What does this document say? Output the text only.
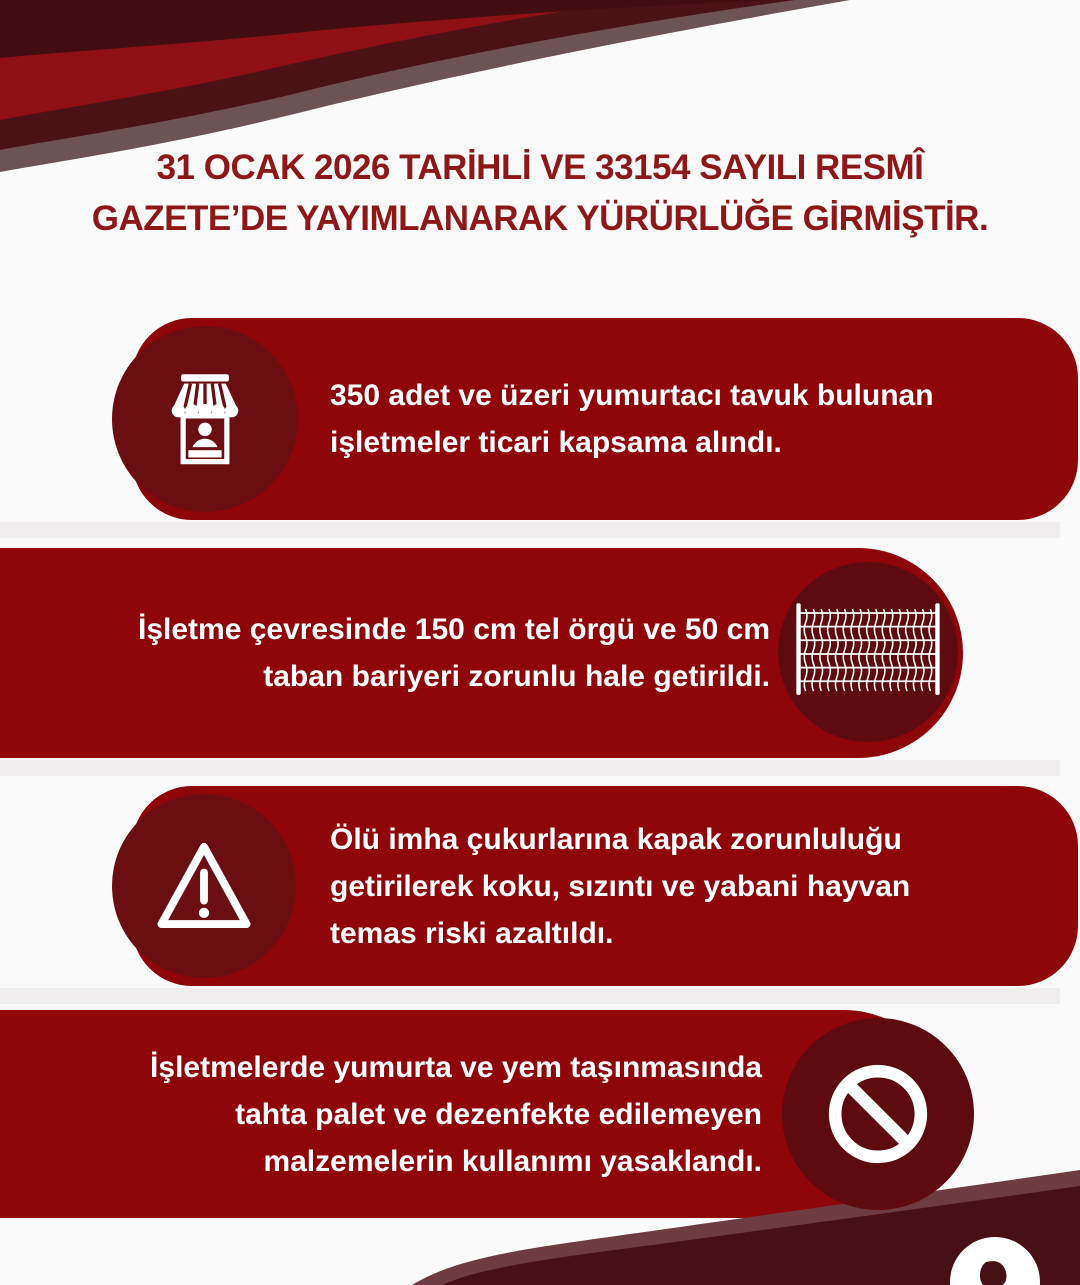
31 OCAK 2026 TARİHLİ VE 33154 SAYILI RESMÎ
GAZETE’DE YAYIMLANARAK YÜRÜRLÜĞE GİRMİŞTİR.
350 adet ve üzeri yumurtacı tavuk bulunan
işletmeler ticari kapsama alındı.
İşletme çevresinde 150 cm tel örgü ve 50 cm
taban bariyeri zorunlu hale getirildi.
Ölü imha çukurlarına kapak zorunluluğu
getirilerek koku, sızıntı ve yabani hayvan
temas riski azaltıldı.
İşletmelerde yumurta ve yem taşınmasında
tahta palet ve dezenfekte edilemeyen
malzemelerin kullanımı yasaklandı.
